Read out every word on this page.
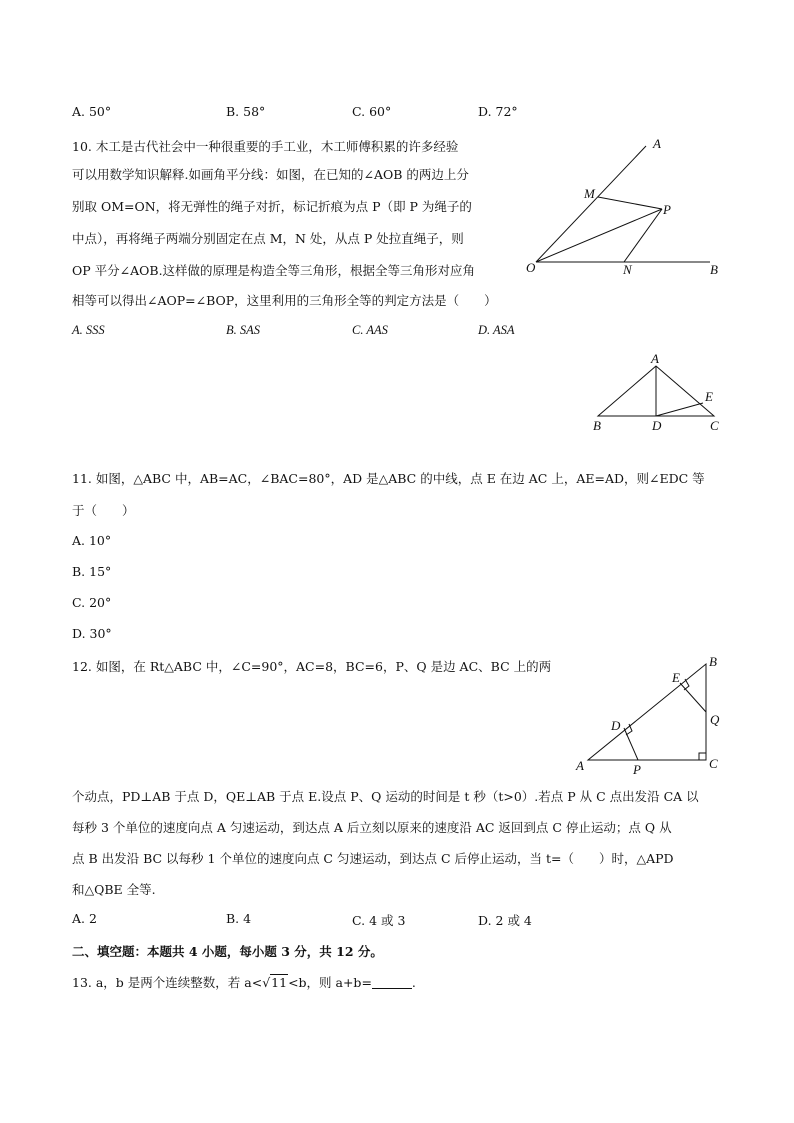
A. 50°	B. 58°	C. 60°	D. 72°
10. 木工是古代社会中一种很重要的手工业，木工师傅积累的许多经验
可以用数学知识解释.如画角平分线：如图，在已知的∠AOB 的两边上分
别取 OM=ON，将无弹性的绳子对折，标记折痕为点 P（即 P 为绳子的
中点），再将绳子两端分别固定在点 M，N 处，从点 P 处拉直绳子，则
OP 平分∠AOB.这样做的原理是构造全等三角形，根据全等三角形对应角
相等可以得出∠AOP=∠BOP，这里利用的三角形全等的判定方法是（　　）
A. SSS	B. SAS	C. AAS	D. ASA
A
M
P
O	N	B
A
E
B	D	C
11. 如图，△ABC 中，AB=AC，∠BAC=80°，AD 是△ABC 的中线，点 E 在边 AC 上，AE=AD，则∠EDC 等
于（　　）
A. 10°
B. 15°
C. 20°
D. 30°
12. 如图，在 Rt△ABC 中，∠C=90°，AC=8，BC=6，P、Q 是边 AC、BC 上的两	B
E
Q
D
A	P	C
个动点，PD⊥AB 于点 D，QE⊥AB 于点 E.设点 P、Q 运动的时间是 t 秒（t>0）.若点 P 从 C 点出发沿 CA 以
每秒 3 个单位的速度向点 A 匀速运动，到达点 A 后立刻以原来的速度沿 AC 返回到点 C 停止运动；点 Q 从
点 B 出发沿 BC 以每秒 1 个单位的速度向点 C 匀速运动，到达点 C 后停止运动，当 t=（　　）时，△APD
和△QBE 全等.
A. 2	B. 4	C. 4 或 3	D. 2 或 4
二、填空题：本题共 4 小题，每小题 3 分，共 12 分。
13. a，b 是两个连续整数，若 a<√11<b，则 a+b=	.
